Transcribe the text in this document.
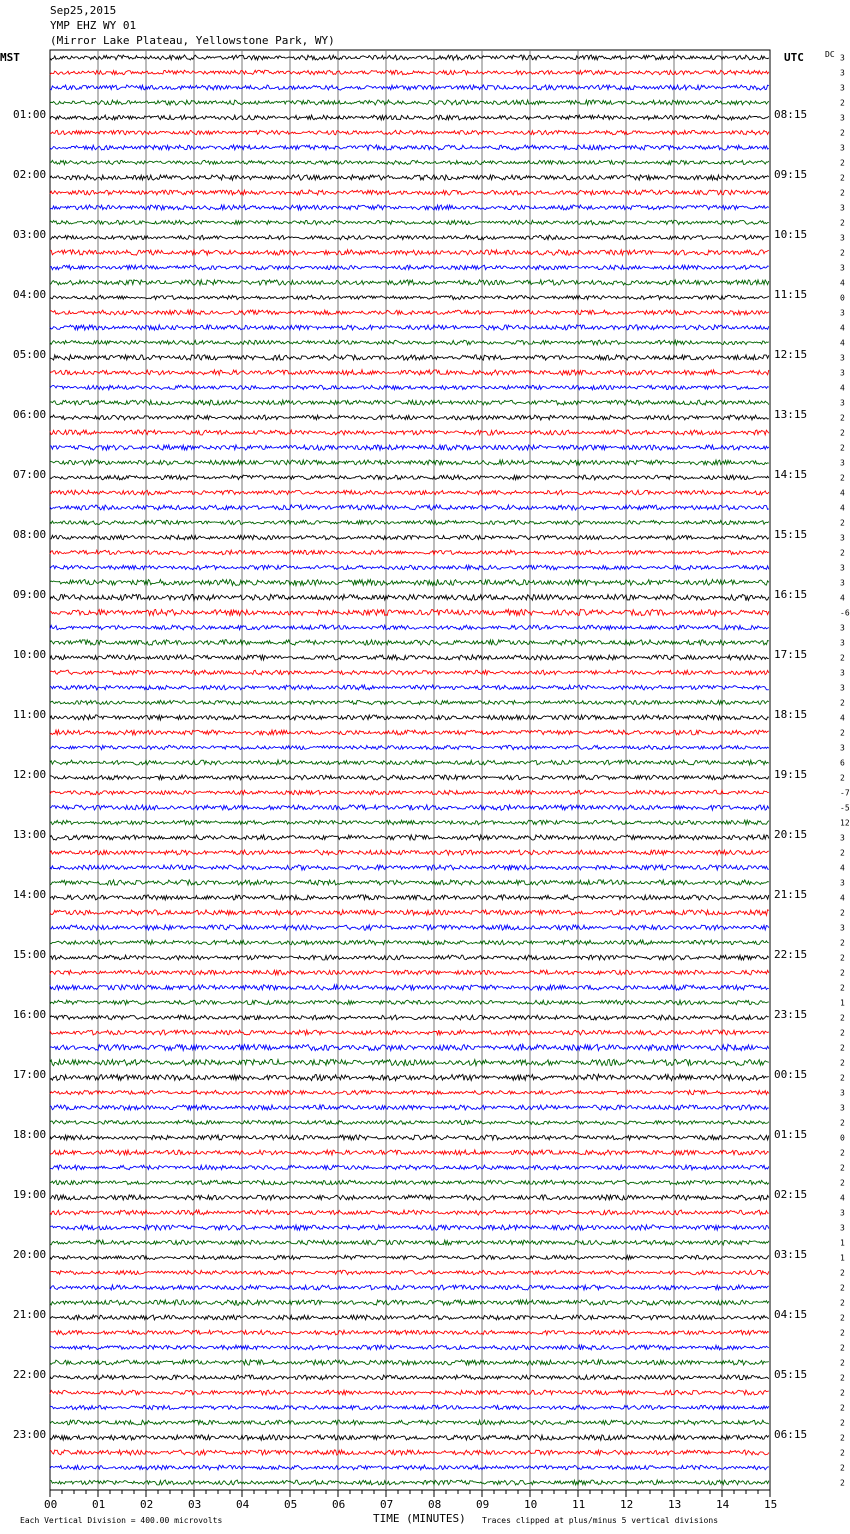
Sep25,2015
YMP EHZ WY 01
(Mirror Lake Plateau, Yellowstone Park, WY)
00	01	02	03	04	05	06	07	08	09	10	11	12	13	14	15
01:00
02:00
03:00
04:00
05:00
06:00
07:00
08:00
09:00
10:00
11:00
12:00
13:00
14:00
15:00
16:00
17:00
18:00
19:00
20:00
21:00
22:00
23:00
08:15
09:15
10:15
11:15
12:15
13:15
14:15
15:15
16:15
17:15
18:15
19:15
20:15
21:15
22:15
23:15
00:15
01:15
02:15
03:15
04:15
05:15
06:15
3
3
3
2
3
2
3
2
2
2
3
2
3
2
3
4
0
3
4
4
3
3
4
3
2
2
2
3
2
4
4
2
3
2
3
3
4
-6
3
3
2
3
3
2
4
2
3
6
2
-7
-5
12
3
2
4
3
4
2
3
2
2
2
2
1
2
2
2
2
2
3
3
2
0
2
2
2
4
3
3
1
1
2
2
2
2
2
2
2
2
2
2
2
2
2
2
2
MST	UTC	DC
TIME (MINUTES)
Each Vertical Division = 400.00 microvolts	Traces clipped at plus/minus 5 vertical divisions
